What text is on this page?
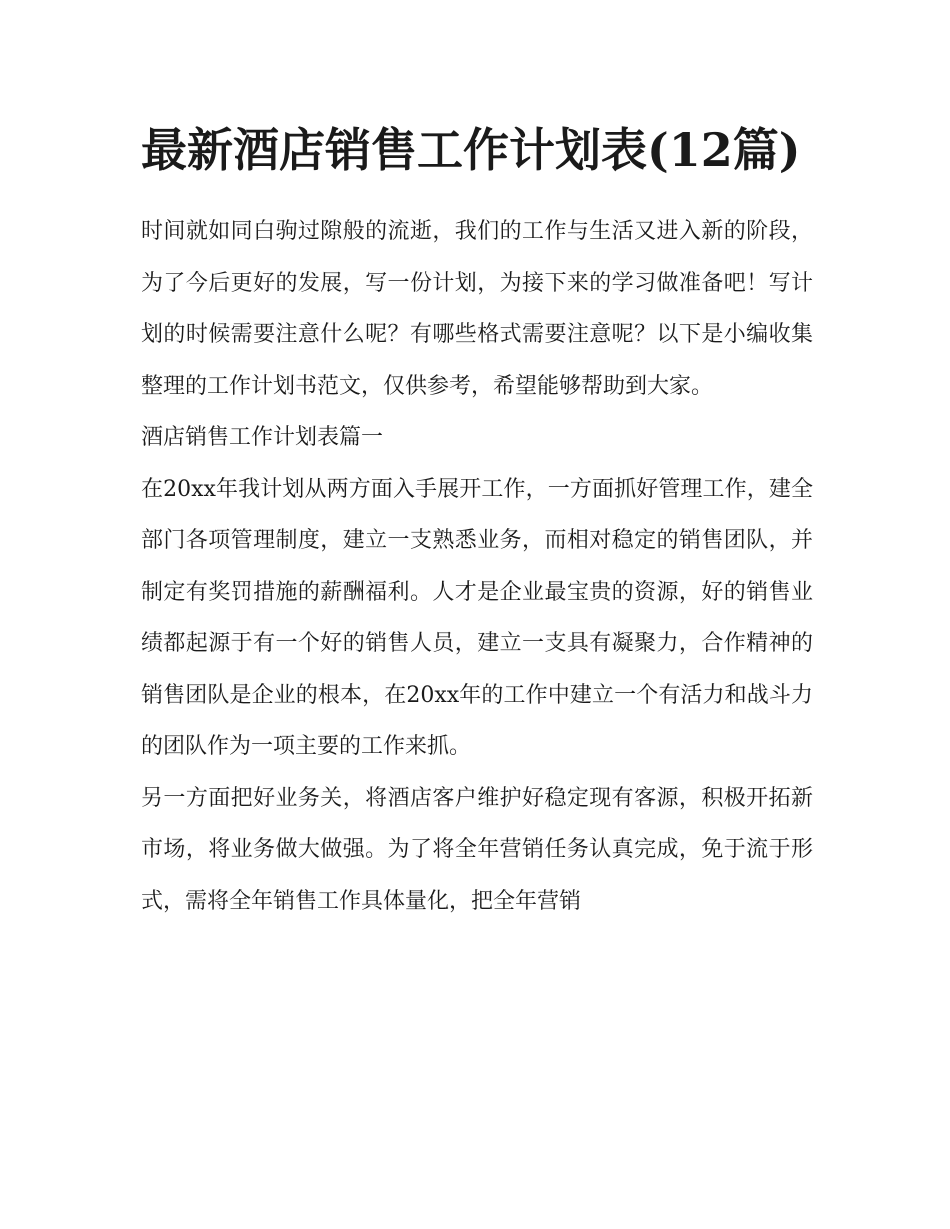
最新酒店销售工作计划表(12篇)

时间就如同白驹过隙般的流逝，我们的工作与生活又进入新的阶段，为了今后更好的发展，写一份计划，为接下来的学习做准备吧！写计划的时候需要注意什么呢？有哪些格式需要注意呢？以下是小编收集整理的工作计划书范文，仅供参考，希望能够帮助到大家。

酒店销售工作计划表篇一

在20xx年我计划从两方面入手展开工作，一方面抓好管理工作，建全部门各项管理制度，建立一支熟悉业务，而相对稳定的销售团队，并制定有奖罚措施的薪酬福利。人才是企业最宝贵的资源，好的销售业绩都起源于有一个好的销售人员，建立一支具有凝聚力，合作精神的销售团队是企业的根本，在20xx年的工作中建立一个有活力和战斗力的团队作为一项主要的工作来抓。

另一方面把好业务关，将酒店客户维护好稳定现有客源，积极开拓新市场，将业务做大做强。为了将全年营销任务认真完成，免于流于形式，需将全年销售工作具体量化，把全年营销
